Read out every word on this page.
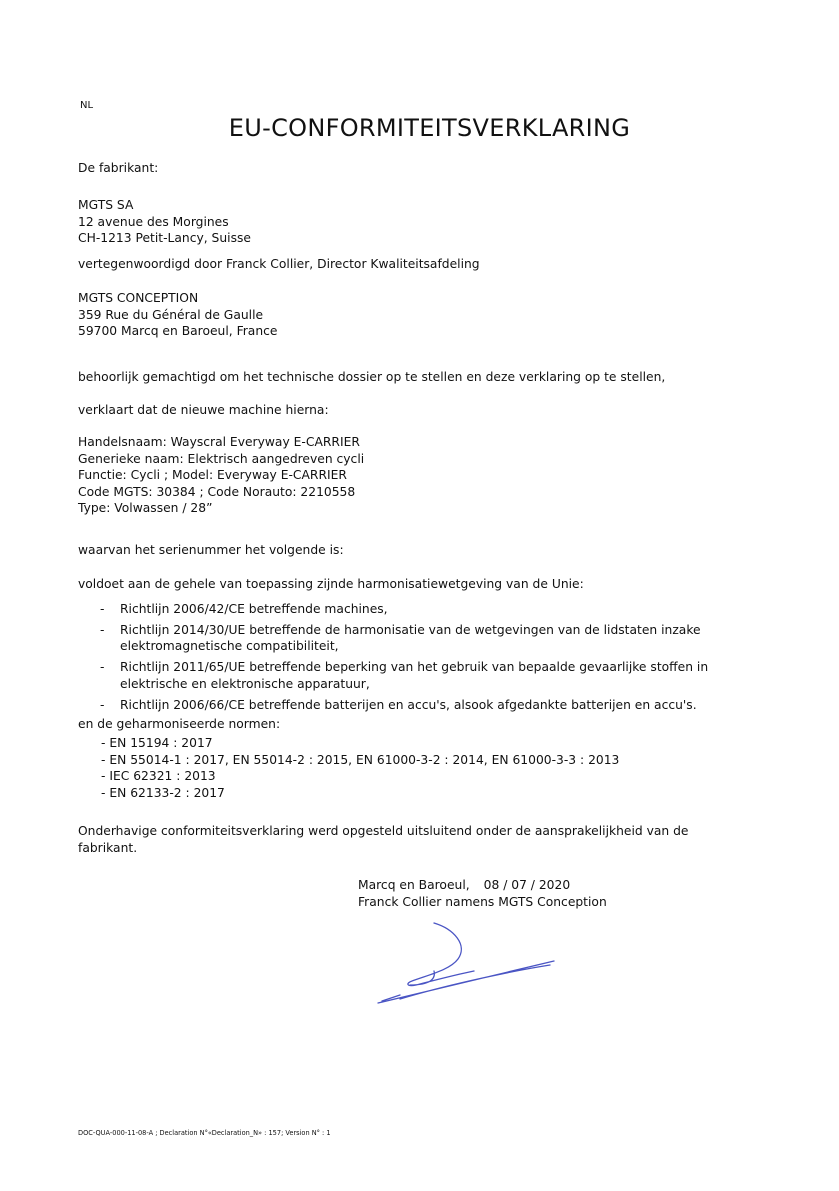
NL
EU-CONFORMITEITSVERKLARING
De fabrikant:
MGTS SA
12 avenue des Morgines
CH-1213 Petit-Lancy, Suisse
vertegenwoordigd door Franck Collier, Director Kwaliteitsafdeling
MGTS CONCEPTION
359 Rue du Général de Gaulle
59700 Marcq en Baroeul, France
behoorlijk gemachtigd om het technische dossier op te stellen en deze verklaring op te stellen,
verklaart dat de nieuwe machine hierna:
Handelsnaam: Wayscral Everyway E-CARRIER
Generieke naam: Elektrisch aangedreven cycli
Functie: Cycli ; Model: Everyway E-CARRIER
Code MGTS: 30384 ; Code Norauto: 2210558
Type: Volwassen / 28”
waarvan het serienummer het volgende is:
voldoet aan de gehele van toepassing zijnde harmonisatiewetgeving van de Unie:
- Richtlijn 2006/42/CE betreffende machines,
- Richtlijn 2014/30/UE betreffende de harmonisatie van de wetgevingen van de lidstaten inzake
elektromagnetische compatibiliteit,
- Richtlijn 2011/65/UE betreffende beperking van het gebruik van bepaalde gevaarlijke stoffen in
elektrische en elektronische apparatuur,
- Richtlijn 2006/66/CE betreffende batterijen en accu's, alsook afgedankte batterijen en accu's.
en de geharmoniseerde normen:
- EN 15194 : 2017
- EN 55014-1 : 2017, EN 55014-2 : 2015, EN 61000-3-2 : 2014, EN 61000-3-3 : 2013
- IEC 62321 : 2013
- EN 62133-2 : 2017
Onderhavige conformiteitsverklaring werd opgesteld uitsluitend onder de aansprakelijkheid van de
fabrikant.
Marcq en Baroeul, 08 / 07 / 2020
Franck Collier namens MGTS Conception
DOC-QUA-000-11-08-A ; Declaration N°«Declaration_N» : 157; Version N° : 1
